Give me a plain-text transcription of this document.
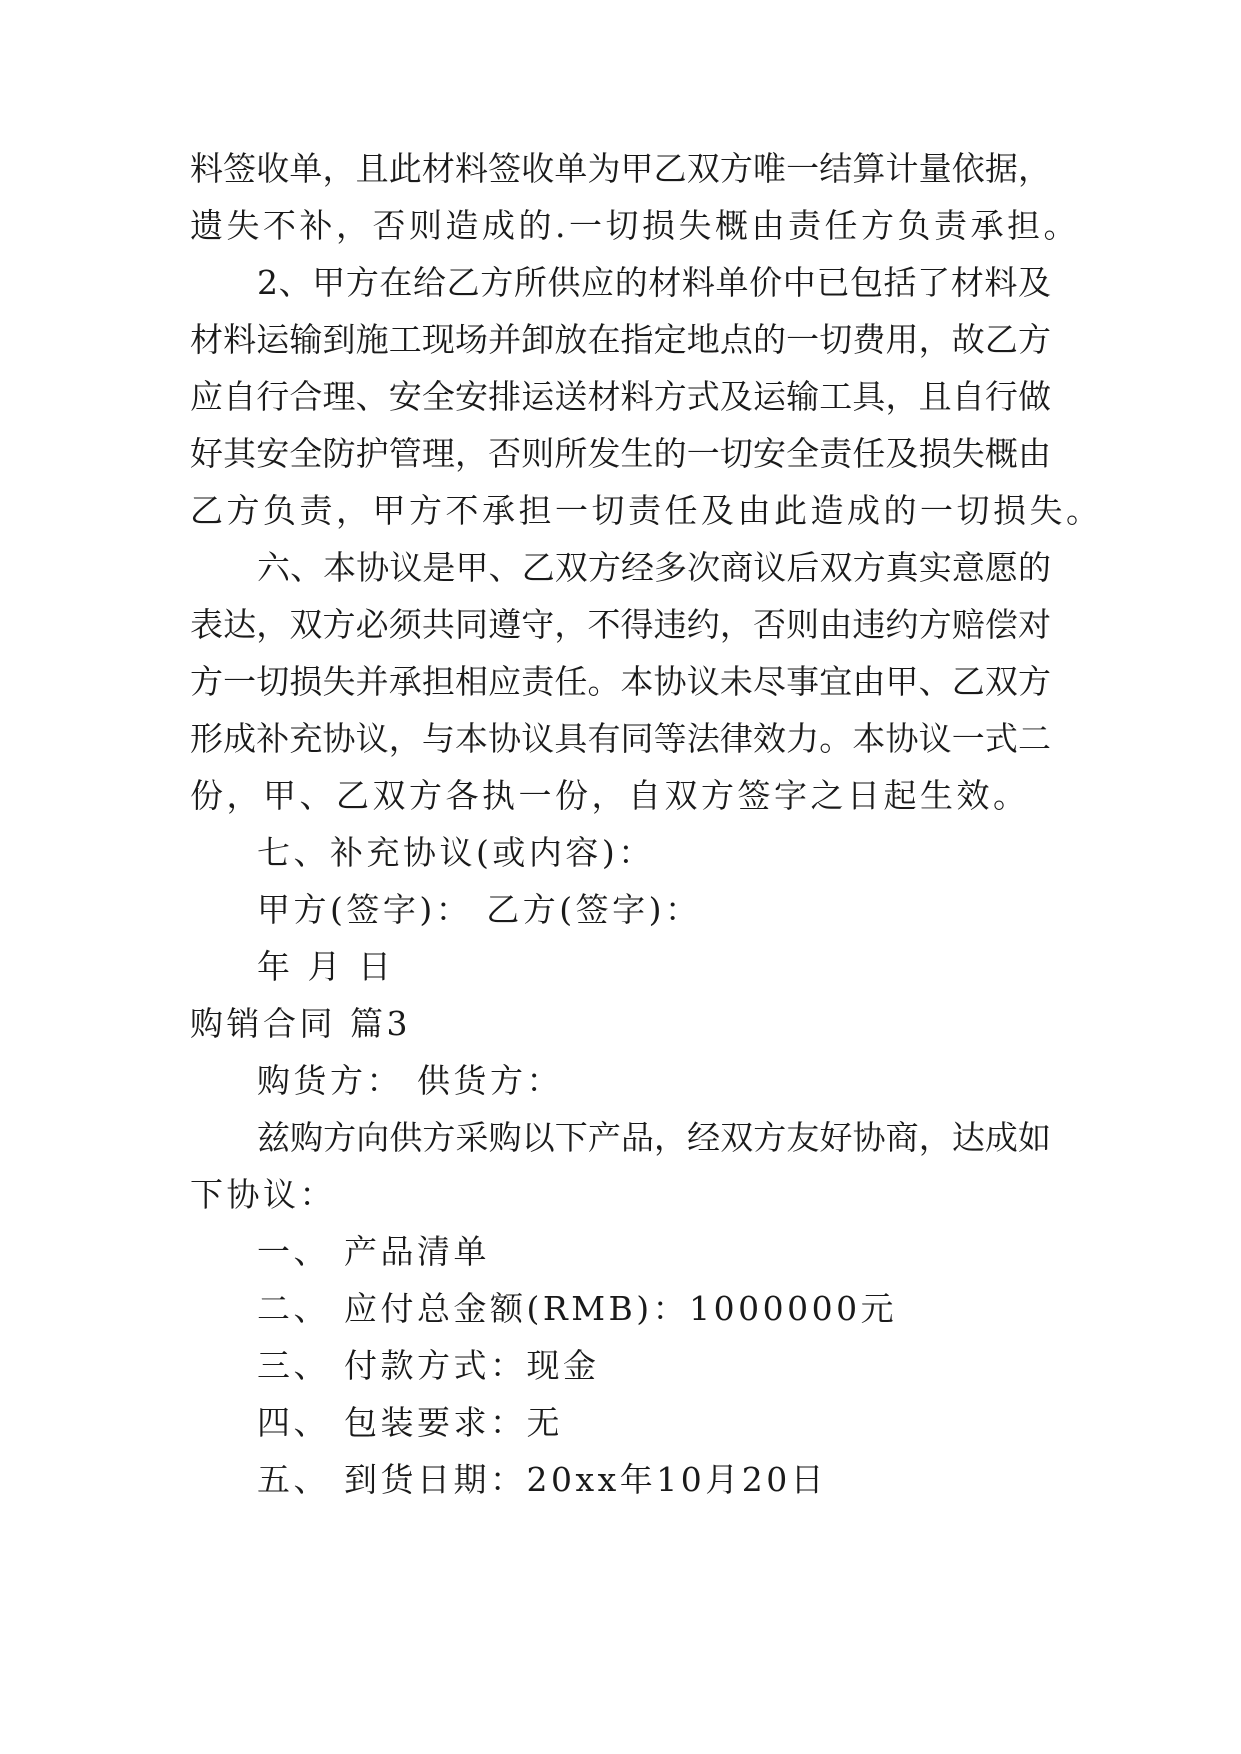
料签收单，且此材料签收单为甲乙双方唯一结算计量依据，
遗失不补，否则造成的.一切损失概由责任方负责承担。
2、甲方在给乙方所供应的材料单价中已包括了材料及
材料运输到施工现场并卸放在指定地点的一切费用，故乙方
应自行合理、安全安排运送材料方式及运输工具，且自行做
好其安全防护管理，否则所发生的一切安全责任及损失概由
乙方负责，甲方不承担一切责任及由此造成的一切损失。
六、本协议是甲、乙双方经多次商议后双方真实意愿的
表达，双方必须共同遵守，不得违约，否则由违约方赔偿对
方一切损失并承担相应责任。本协议未尽事宜由甲、乙双方
形成补充协议，与本协议具有同等法律效力。本协议一式二
份，甲、乙双方各执一份，自双方签字之日起生效。
七、补充协议(或内容)：
甲方(签字)： 乙方(签字)：
年 月 日
购销合同 篇3
购货方： 供货方：
兹购方向供方采购以下产品，经双方友好协商，达成如
下协议：
一、 产品清单
二、 应付总金额(RMB)：1000000元
三、 付款方式：现金
四、 包装要求：无
五、 到货日期：20xx年10月20日
